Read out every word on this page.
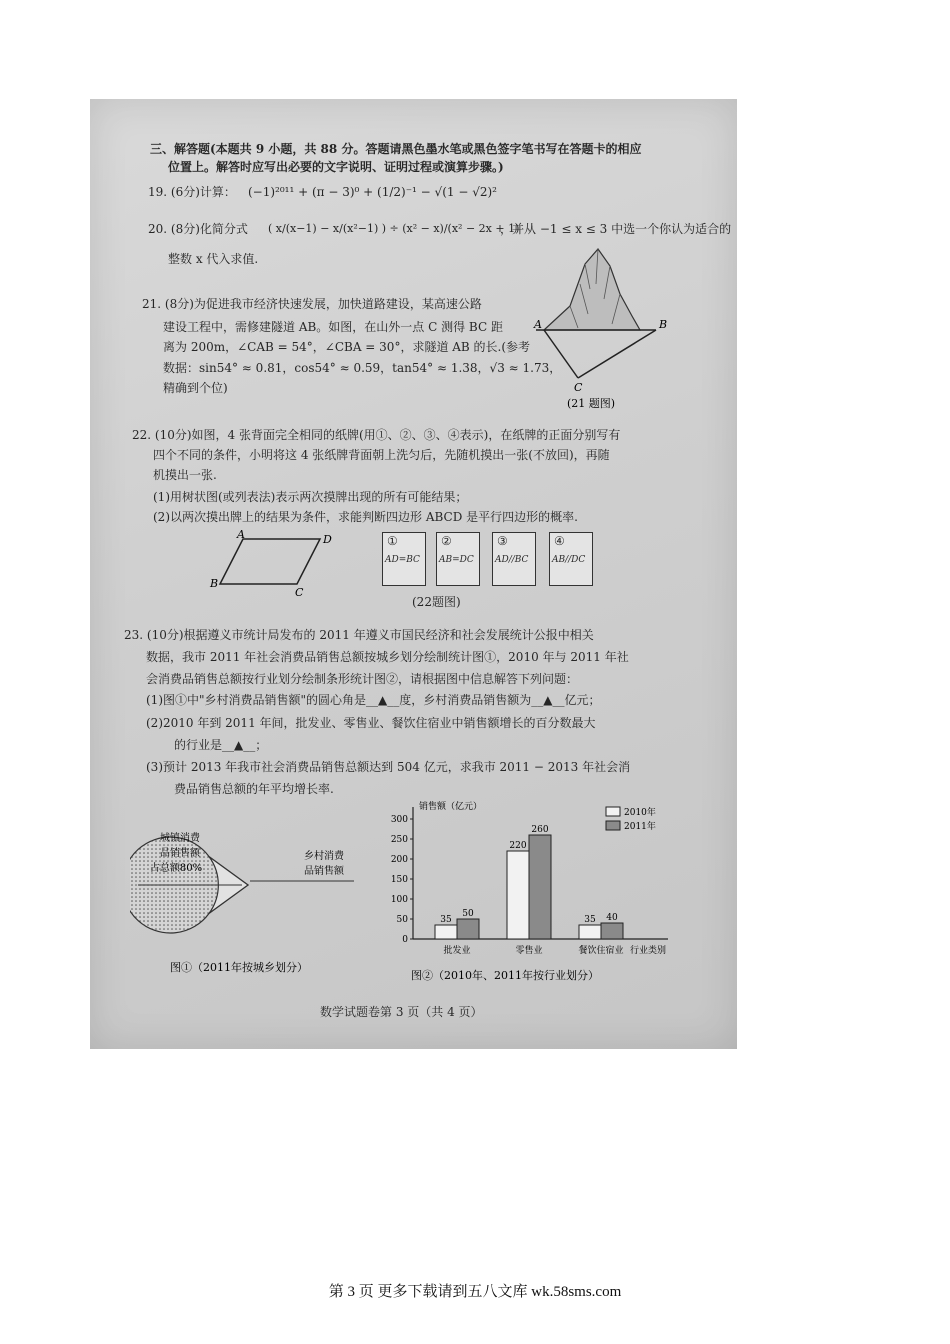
三、解答题(本题共 9 小题，共 88 分。答题请黑色墨水笔或黑色签字笔书写在答题卡的相应
位置上。解答时应写出必要的文字说明、证明过程或演算步骤。)
19. (6分)计算： (−1)²⁰¹¹ + (π − 3)⁰ + (1/2)⁻¹ − √(1 − √2)²
20. (8分)化简分式 ( x/(x−1) − x/(x²−1) ) ÷ (x² − x)/(x² − 2x + 1)
，并从 −1 ≤ x ≤ 3 中选一个你认为适合的
整数 x 代入求值.
21. (8分)为促进我市经济快速发展，加快道路建设，某高速公路
建设工程中，需修建隧道 AB。如图，在山外一点 C 测得 BC 距
离为 200m，∠CAB = 54°，∠CBA = 30°，求隧道 AB 的长.(参考
数据：sin54° ≈ 0.81，cos54° ≈ 0.59，tan54° ≈ 1.38，√3 ≈ 1.73，
精确到个位)
A	B
C
(21 题图)
22. (10分)如图，4 张背面完全相同的纸牌(用①、②、③、④表示)，在纸牌的正面分别写有
四个不同的条件，小明将这 4 张纸牌背面朝上洗匀后，先随机摸出一张(不放回)，再随
机摸出一张.
(1)用树状图(或列表法)表示两次摸牌出现的所有可能结果；
(2)以两次摸出牌上的结果为条件，求能判断四边形 ABCD 是平行四边形的概率.
A	D
B
C
①
AD=BC
②
AB=DC
③
AD//BC
④
AB//DC
(22题图)
23. (10分)根据遵义市统计局发布的 2011 年遵义市国民经济和社会发展统计公报中相关
数据，我市 2011 年社会消费品销售总额按城乡划分绘制统计图①，2010 年与 2011 年社
会消费品销售总额按行业划分绘制条形统计图②，请根据图中信息解答下列问题：
(1)图①中"乡村消费品销售额"的圆心角是__▲__度，乡村消费品销售额为__▲__亿元；
(2)2010 年到 2011 年间，批发业、零售业、餐饮住宿业中销售额增长的百分数最大
的行业是__▲__；
(3)预计 2013 年我市社会消费品销售总额达到 504 亿元，求我市 2011 − 2013 年社会消
费品销售总额的年平均增长率.
城镇消费
品销售额
占总额80%
乡村消费
品销售额
图①（2011年按城乡划分）
0
50
100
150
200
250
300
销售额（亿元）
行业类别
35
50
批发业
220
260
零售业
35 40
餐饮住宿业
2010年
2011年
图②（2010年、2011年按行业划分）
数学试题卷第 3 页（共 4 页）
第 3 页 更多下载请到五八文库 wk.58sms.com
